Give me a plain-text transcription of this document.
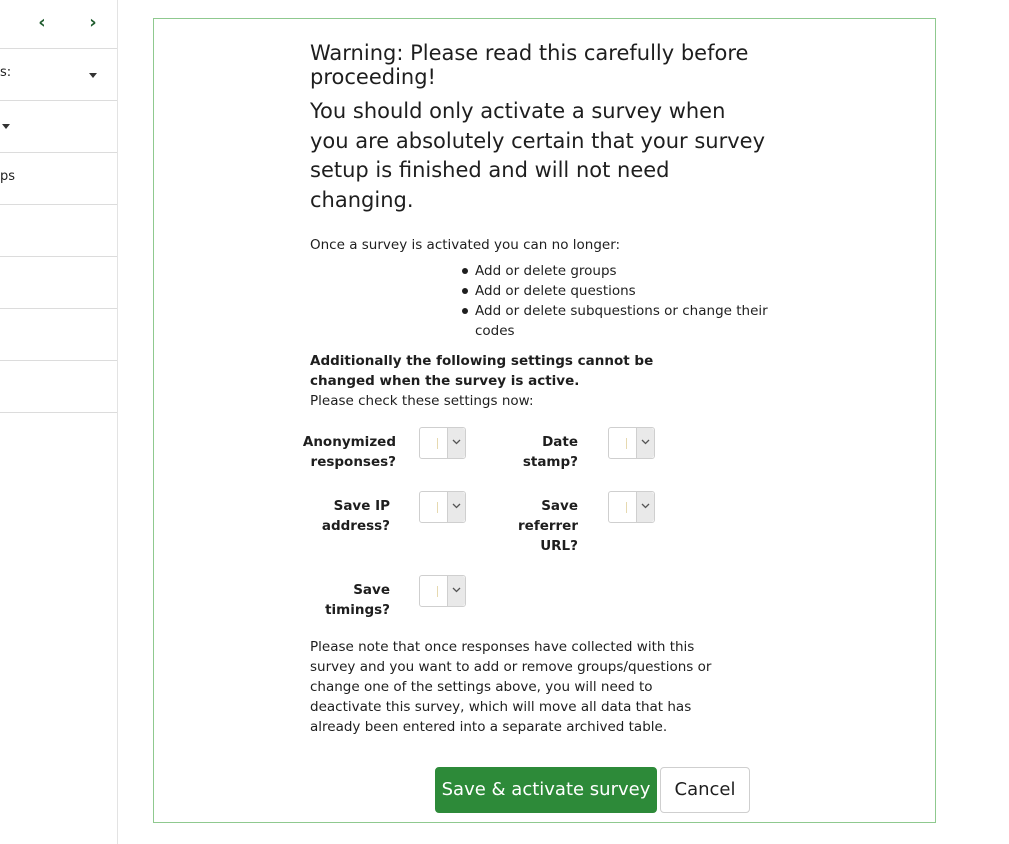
‹	›
s:
ps
Warning: Please read this carefully before proceeding!
You should only activate a survey when you are absolutely certain that your survey setup is finished and will not need changing.
Once a survey is activated you can no longer:
Add or delete groups
Add or delete questions
Add or delete subquestions or change their codes
Additionally the following settings cannot be changed when the survey is active.
Please check these settings now:
Anonymized responses?
Date stamp?
Save IP address?
Save referrer URL?
Save timings?
Please note that once responses have collected with this survey and you want to add or remove groups/questions or change one of the settings above, you will need to deactivate this survey, which will move all data that has already been entered into a separate archived table.
Save & activate survey	Cancel
